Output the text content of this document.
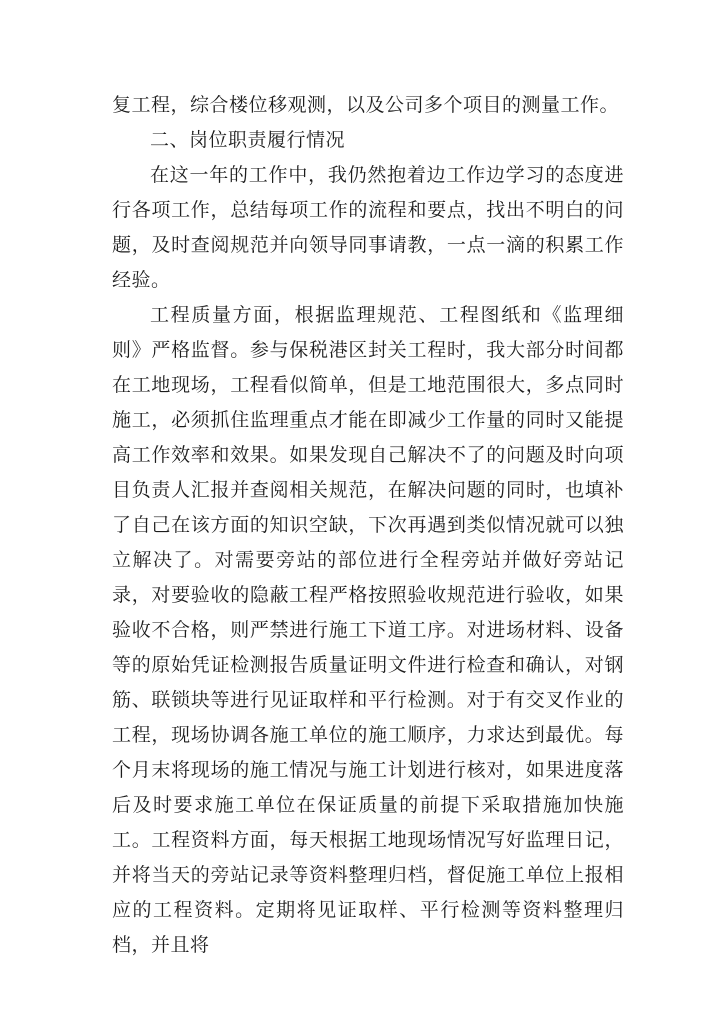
复工程，综合楼位移观测，以及公司多个项目的测量工作。

二、岗位职责履行情况

在这一年的工作中，我仍然抱着边工作边学习的态度进行各项工作，总结每项工作的流程和要点，找出不明白的问题，及时查阅规范并向领导同事请教，一点一滴的积累工作经验。

工程质量方面，根据监理规范、工程图纸和《监理细则》严格监督。参与保税港区封关工程时，我大部分时间都在工地现场，工程看似简单，但是工地范围很大，多点同时施工，必须抓住监理重点才能在即减少工作量的同时又能提高工作效率和效果。如果发现自己解决不了的问题及时向项目负责人汇报并查阅相关规范，在解决问题的同时，也填补了自己在该方面的知识空缺，下次再遇到类似情况就可以独立解决了。对需要旁站的部位进行全程旁站并做好旁站记录，对要验收的隐蔽工程严格按照验收规范进行验收，如果验收不合格，则严禁进行施工下道工序。对进场材料、设备等的原始凭证检测报告质量证明文件进行检查和确认，对钢筋、联锁块等进行见证取样和平行检测。对于有交叉作业的工程，现场协调各施工单位的施工顺序，力求达到最优。每个月末将现场的施工情况与施工计划进行核对，如果进度落后及时要求施工单位在保证质量的前提下采取措施加快施工。工程资料方面，每天根据工地现场情况写好监理日记，并将当天的旁站记录等资料整理归档，督促施工单位上报相应的工程资料。定期将见证取样、平行检测等资料整理归档，并且将
